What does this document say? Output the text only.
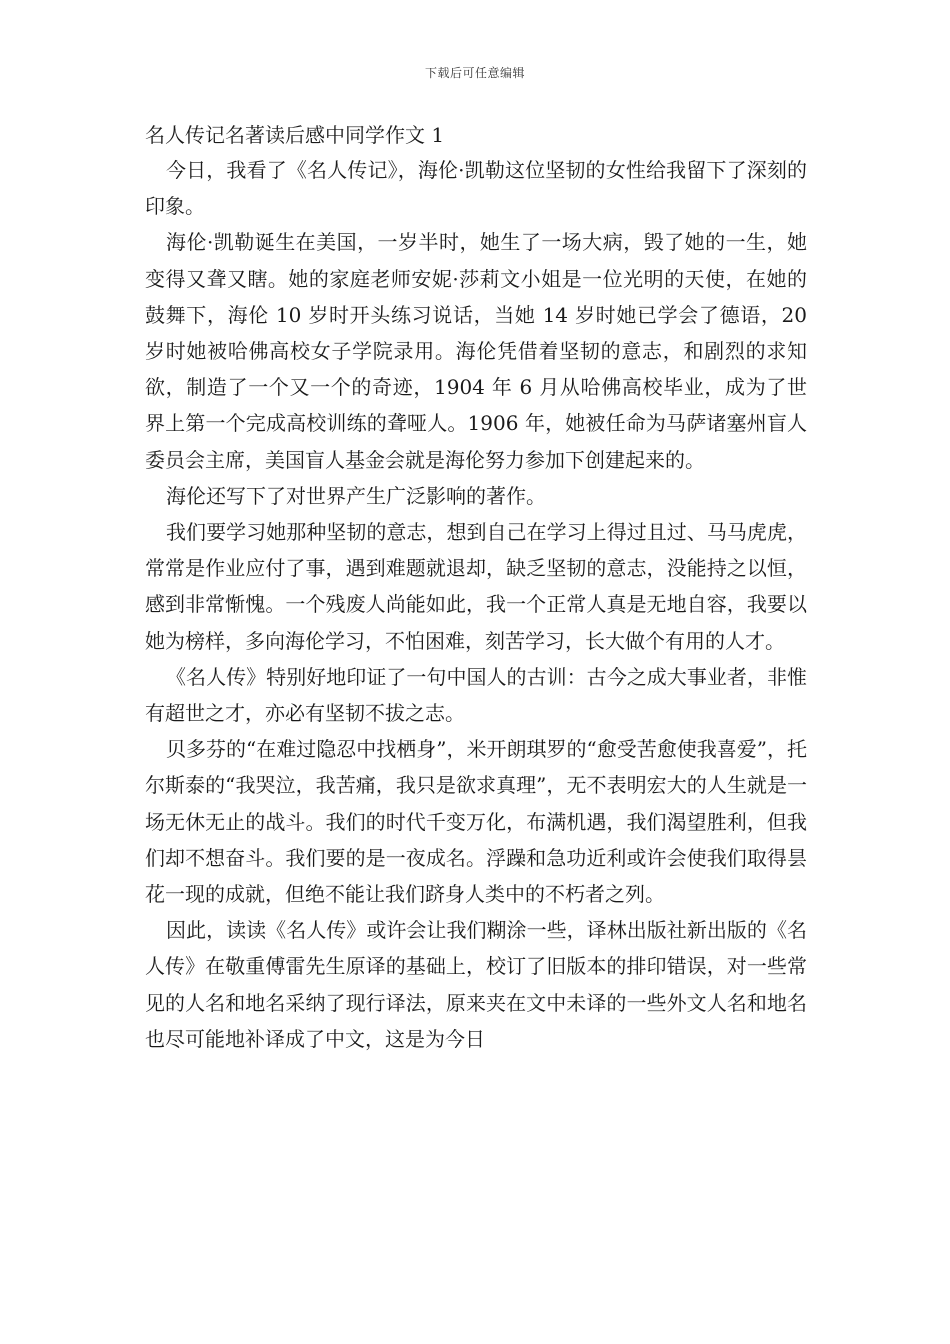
下载后可任意编辑
名人传记名著读后感中同学作文 1

今日，我看了《名人传记》，海伦·凯勒这位坚韧的女性给我留下了深刻的印象。

海伦·凯勒诞生在美国，一岁半时，她生了一场大病，毁了她的一生，她变得又聋又瞎。她的家庭老师安妮·莎莉文小姐是一位光明的天使，在她的鼓舞下，海伦 10 岁时开头练习说话，当她 14 岁时她已学会了德语，20 岁时她被哈佛高校女子学院录用。海伦凭借着坚韧的意志，和剧烈的求知欲，制造了一个又一个的奇迹，1904 年 6 月从哈佛高校毕业，成为了世界上第一个完成高校训练的聋哑人。1906 年，她被任命为马萨诸塞州盲人委员会主席，美国盲人基金会就是海伦努力参加下创建起来的。

海伦还写下了对世界产生广泛影响的著作。

我们要学习她那种坚韧的意志，想到自己在学习上得过且过、马马虎虎，常常是作业应付了事，遇到难题就退却，缺乏坚韧的意志，没能持之以恒，感到非常惭愧。一个残废人尚能如此，我一个正常人真是无地自容，我要以她为榜样，多向海伦学习，不怕困难，刻苦学习，长大做个有用的人才。

《名人传》特别好地印证了一句中国人的古训：古今之成大事业者，非惟有超世之才，亦必有坚韧不拔之志。

贝多芬的“在难过隐忍中找栖身”，米开朗琪罗的“愈受苦愈使我喜爱”，托尔斯泰的“我哭泣，我苦痛，我只是欲求真理”，无不表明宏大的人生就是一场无休无止的战斗。我们的时代千变万化，布满机遇，我们渴望胜利，但我们却不想奋斗。我们要的是一夜成名。浮躁和急功近利或许会使我们取得昙花一现的成就，但绝不能让我们跻身人类中的不朽者之列。

因此，读读《名人传》或许会让我们糊涂一些，译林出版社新出版的《名人传》在敬重傅雷先生原译的基础上，校订了旧版本的排印错误，对一些常见的人名和地名采纳了现行译法，原来夹在文中未译的一些外文人名和地名也尽可能地补译成了中文，这是为今日
